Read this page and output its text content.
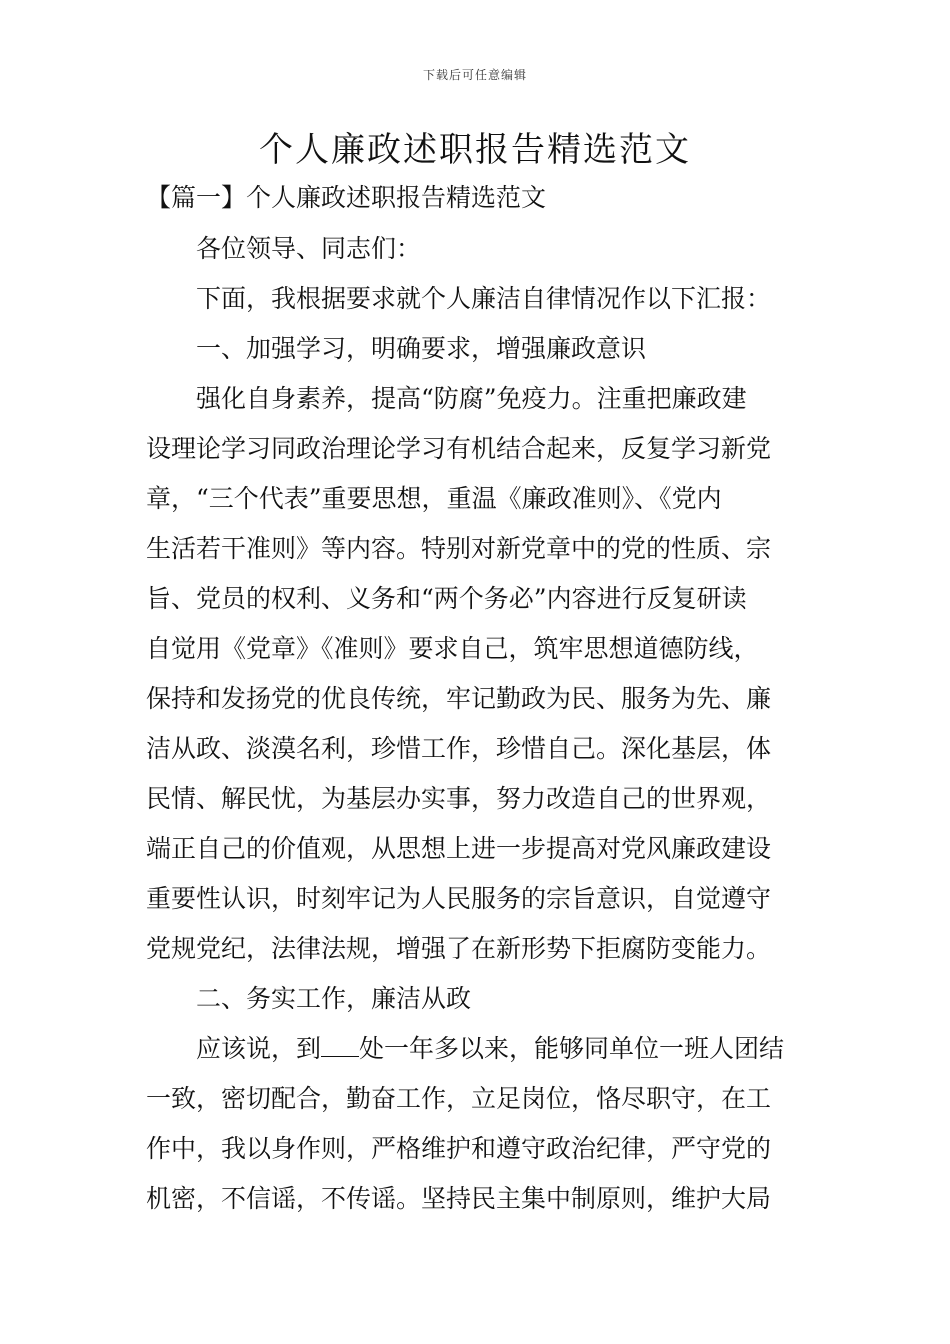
下载后可任意编辑
个人廉政述职报告精选范文
【篇一】个人廉政述职报告精选范文

各位领导、同志们：

下面，我根据要求就个人廉洁自律情况作以下汇报：

一、加强学习，明确要求，增强廉政意识

强化自身素养，提高“防腐”免疫力。注重把廉政建
设理论学习同政治理论学习有机结合起来，反复学习新党
章，“三个代表”重要思想，重温《廉政准则》、《党内
生活若干准则》等内容。特别对新党章中的党的性质、宗
旨、党员的权利、义务和“两个务必”内容进行反复研读
自觉用《党章》《准则》要求自己，筑牢思想道德防线，
保持和发扬党的优良传统，牢记勤政为民、服务为先、廉
洁从政、淡漠名利，珍惜工作，珍惜自己。深化基层，体
民情、解民忧，为基层办实事，努力改造自己的世界观，
端正自己的价值观，从思想上进一步提高对党风廉政建设
重要性认识，时刻牢记为人民服务的宗旨意识，自觉遵守
党规党纪，法律法规，增强了在新形势下拒腐防变能力。

二、务实工作，廉洁从政

应该说，到 处一年多以来，能够同单位一班人团结
一致，密切配合，勤奋工作，立足岗位，恪尽职守，在工
作中，我以身作则，严格维护和遵守政治纪律，严守党的
机密，不信谣，不传谣。坚持民主集中制原则，维护大局
